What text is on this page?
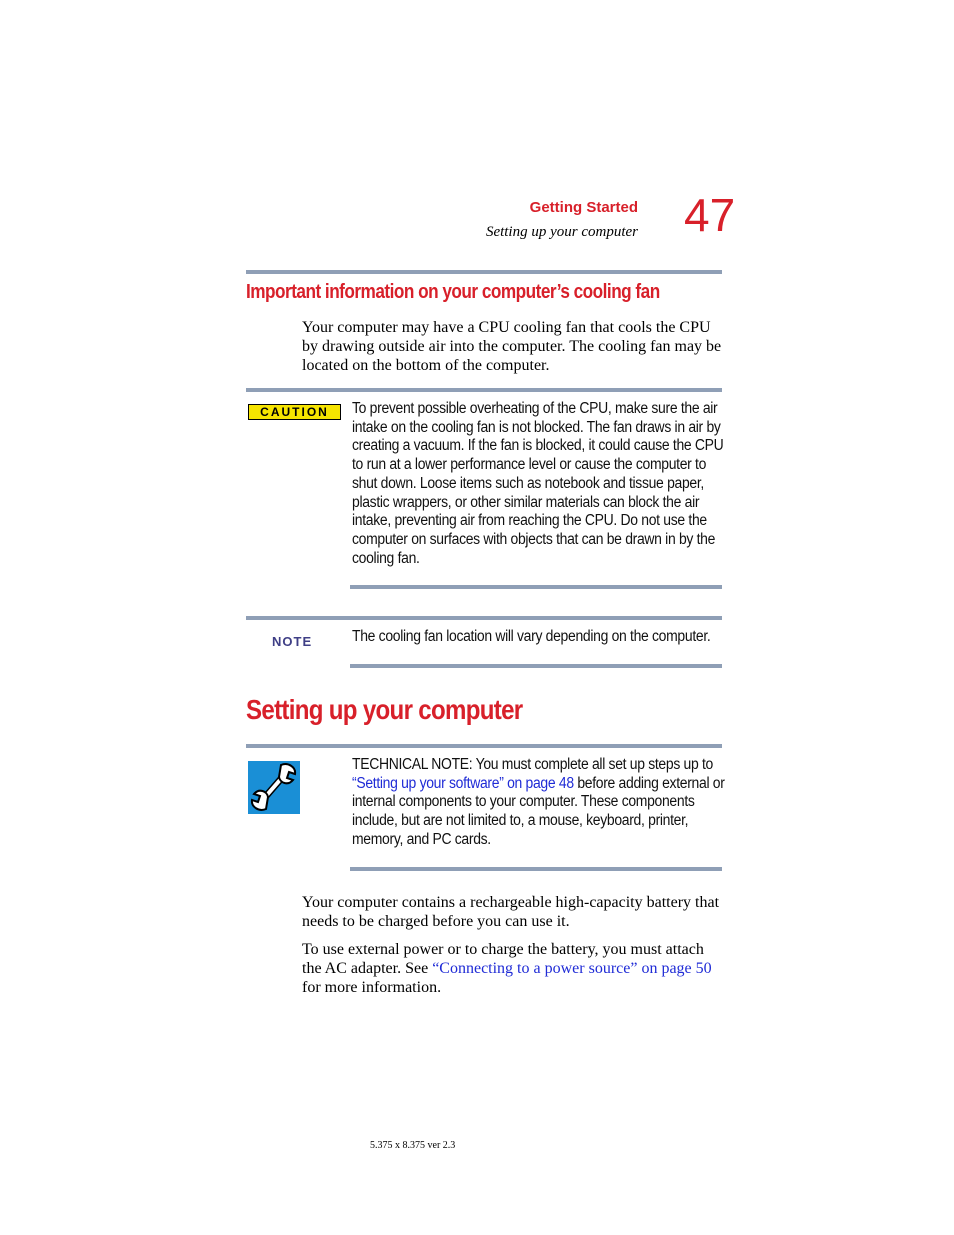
Getting Started
Setting up your computer 47
Important information on your computer’s cooling fan

Your computer may have a CPU cooling fan that cools the CPU by drawing outside air into the computer. The cooling fan may be located on the bottom of the computer.

CAUTION	To prevent possible overheating of the CPU, make sure the air intake on the cooling fan is not blocked. The fan draws in air by creating a vacuum. If the fan is blocked, it could cause the CPU to run at a lower performance level or cause the computer to shut down. Loose items such as notebook and tissue paper, plastic wrappers, or other similar materials can block the air intake, preventing air from reaching the CPU. Do not use the computer on surfaces with objects that can be drawn in by the cooling fan.

NOTE	The cooling fan location will vary depending on the computer.

Setting up your computer

TECHNICAL NOTE: You must complete all set up steps up to “Setting up your software” on page 48 before adding external or internal components to your computer. These components include, but are not limited to, a mouse, keyboard, printer, memory, and PC cards.

Your computer contains a rechargeable high-capacity battery that needs to be charged before you can use it.

To use external power or to charge the battery, you must attach the AC adapter. See “Connecting to a power source” on page 50 for more information.

5.375 x 8.375 ver 2.3
